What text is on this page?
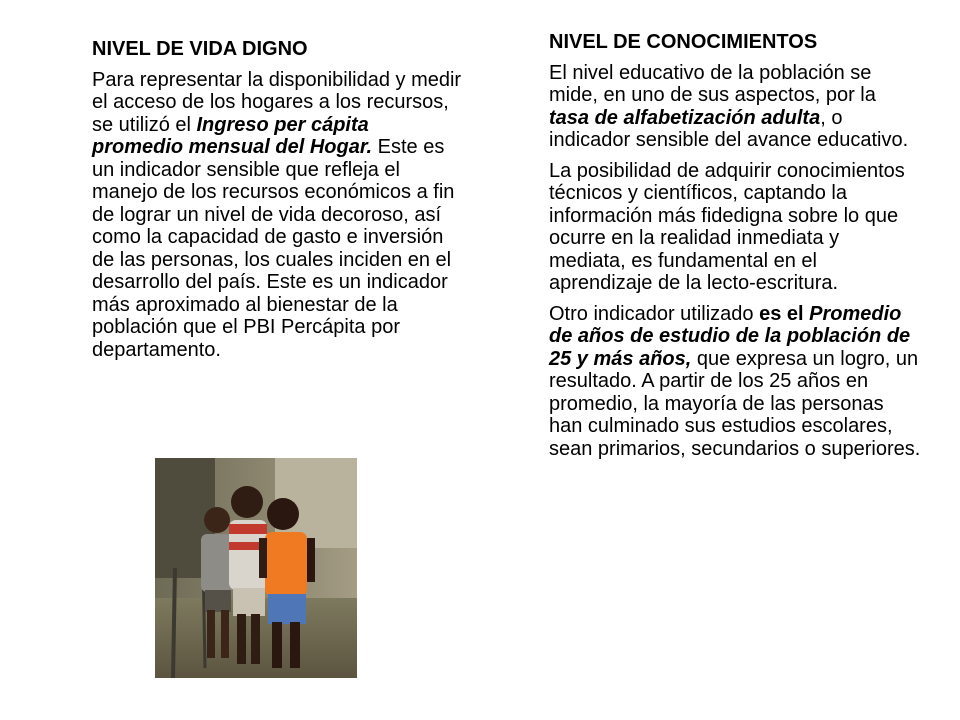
NIVEL DE VIDA DIGNO

Para representar la disponibilidad y medir el acceso de los hogares a los recursos, se utilizó el Ingreso per cápita promedio mensual del Hogar. Este es un indicador sensible que refleja el manejo de los recursos económicos a fin de lograr un nivel de vida decoroso, así como la capacidad de gasto e inversión de las personas, los cuales inciden en el desarrollo del país. Este es un indicador más aproximado al bienestar de la población que el PBI Percápita por departamento.

NIVEL DE CONOCIMIENTOS

El nivel educativo de la población se mide, en uno de sus aspectos, por la tasa de alfabetización adulta, o indicador sensible del avance educativo.

La posibilidad de adquirir conocimientos técnicos y científicos, captando la información más fidedigna sobre lo que ocurre en la realidad inmediata y mediata, es fundamental en el aprendizaje de la lecto-escritura.

Otro indicador utilizado es el Promedio de años de estudio de la población de 25 y más años, que expresa un logro, un resultado. A partir de los 25 años en promedio, la mayoría de las personas han culminado sus estudios escolares, sean primarios, secundarios o superiores.
